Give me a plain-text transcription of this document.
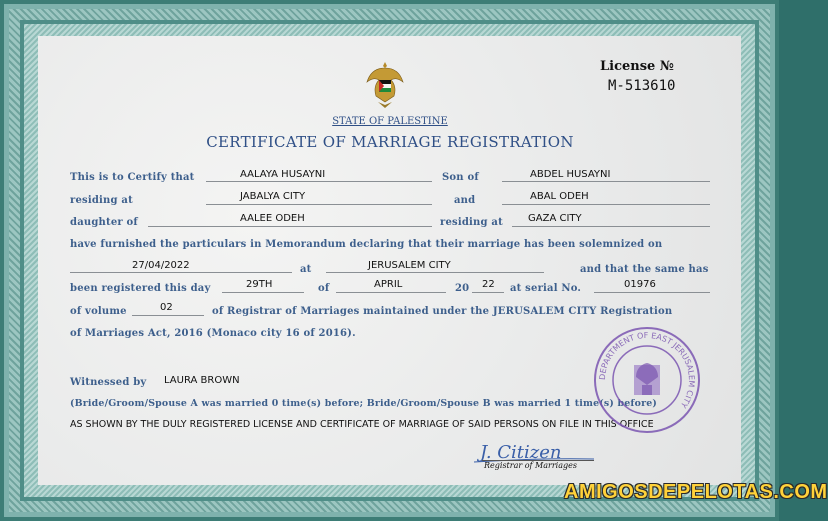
STATE OF PALESTINE
CERTIFICATE OF MARRIAGE REGISTRATION
License №
M-513610
This is to Certify that	AALAYA HUSAYNI	Son of	ABDEL HUSAYNI
residing at	JABALYA CITY	and	ABAL ODEH
daughter of	AALEE ODEH	residing at	GAZA CITY
have furnished the particulars in Memorandum declaring that their marriage has been solemnized on
27/04/2022	at	JERUSALEM CITY	and that the same has
been registered this day	29TH	of	APRIL	20 22 at serial No.	01976
of volume	02	of Registrar of Marriages maintained under the JERUSALEM CITY Registration
of Marriages Act, 2016 (Monaco city 16 of 2016).
Witnessed by LAURA BROWN
(Bride/Groom/Spouse A was married 0 time(s) before; Bride/Groom/Spouse B was married 1 time(s) before)
AS SHOWN BY THE DULY REGISTERED LICENSE AND CERTIFICATE OF MARRIAGE OF SAID PERSONS ON FILE IN THIS OFFICE
DEPARTMENT OF EAST JERUSALEM CITY
J. Citizen
Registrar of Marriages
AMIGOSDEPELOTAS.COM
